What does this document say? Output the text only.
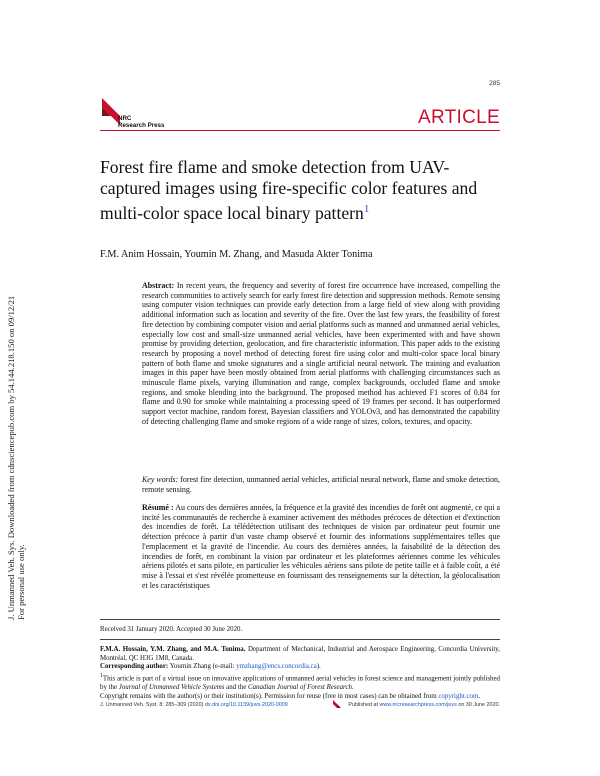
J. Unmanned Veh. Sys. Downloaded from cdnsciencepub.com by 54.144.218.150 on 09/12/21 For personal use only.
285
NRC
Research Press	ARTICLE
Forest fire flame and smoke detection from UAV-captured images using fire-specific color features and multi-color space local binary pattern$^1$
F.M. Anim Hossain, Youmin M. Zhang, and Masuda Akter Tonima
Abstract: In recent years, the frequency and severity of forest fire occurrence have increased, compelling the research communities to actively search for early forest fire detection and suppression methods. Remote sensing using computer vision techniques can provide early detection from a large field of view along with providing additional information such as location and severity of the fire. Over the last few years, the feasibility of forest fire detection by combining computer vision and aerial platforms such as manned and unmanned aerial vehicles, especially low cost and small-size unmanned aerial vehicles, have been experimented with and have shown promise by providing detection, geolocation, and fire characteristic information. This paper adds to the existing research by proposing a novel method of detecting forest fire using color and multi-color space local binary pattern of both flame and smoke signatures and a single artificial neural network. The training and evaluation images in this paper have been mostly obtained from aerial platforms with challenging circumstances such as minuscule flame pixels, varying illumination and range, complex backgrounds, occluded flame and smoke regions, and smoke blending into the background. The proposed method has achieved F1 scores of 0.84 for flame and 0.90 for smoke while maintaining a processing speed of 19 frames per second. It has outperformed support vector machine, random forest, Bayesian classifiers and YOLOv3, and has demonstrated the capability of detecting challenging flame and smoke regions of a wide range of sizes, colors, textures, and opacity.
Key words: forest fire detection, unmanned aerial vehicles, artificial neural network, flame and smoke detection, remote sensing.
Résumé : Au cours des dernières années, la fréquence et la gravité des incendies de forêt ont augmenté, ce qui a incité les communautés de recherche à examiner activement des méthodes précoces de détection et d'extinction des incendies de forêt. La télédétection utilisant des techniques de vision par ordinateur peut fournir une détection précoce à partir d'un vaste champ observé et fournir des informations supplémentaires telles que l'emplacement et la gravité de l'incendie. Au cours des dernières années, la faisabilité de la détection des incendies de forêt, en combinant la vision par ordinateur et les plateformes aériennes comme les véhicules aériens pilotés et sans pilote, en particulier les véhicules aériens sans pilote de petite taille et à faible coût, a été mise à l'essai et s'est révélée prometteuse en fournissant des renseignements sur la détection, la géolocalisation et les caractéristiques
Received 31 January 2020. Accepted 30 June 2020.
F.M.A. Hossain, Y.M. Zhang, and M.A. Tonima. Department of Mechanical, Industrial and Aerospace Engineering, Concordia University, Montréal, QC H3G 1M8, Canada.
Corresponding author: Youmin Zhang (e-mail: ymzhang@encs.concordia.ca).
$^1$This article is part of a virtual issue on innovative applications of unmanned aerial vehicles in forest science and management jointly published by the Journal of Unmanned Vehicle Systems and the Canadian Journal of Forest Research.
Copyright remains with the author(s) or their institution(s). Permission for reuse (free in most cases) can be obtained from copyright.com.
J. Unmanned Veh. Syst. 8: 285–309 (2020) dx.doi.org/10.1139/juvs-2020-0009	Published at www.nrcresearchpress.com/juvs on 30 June 2020.
